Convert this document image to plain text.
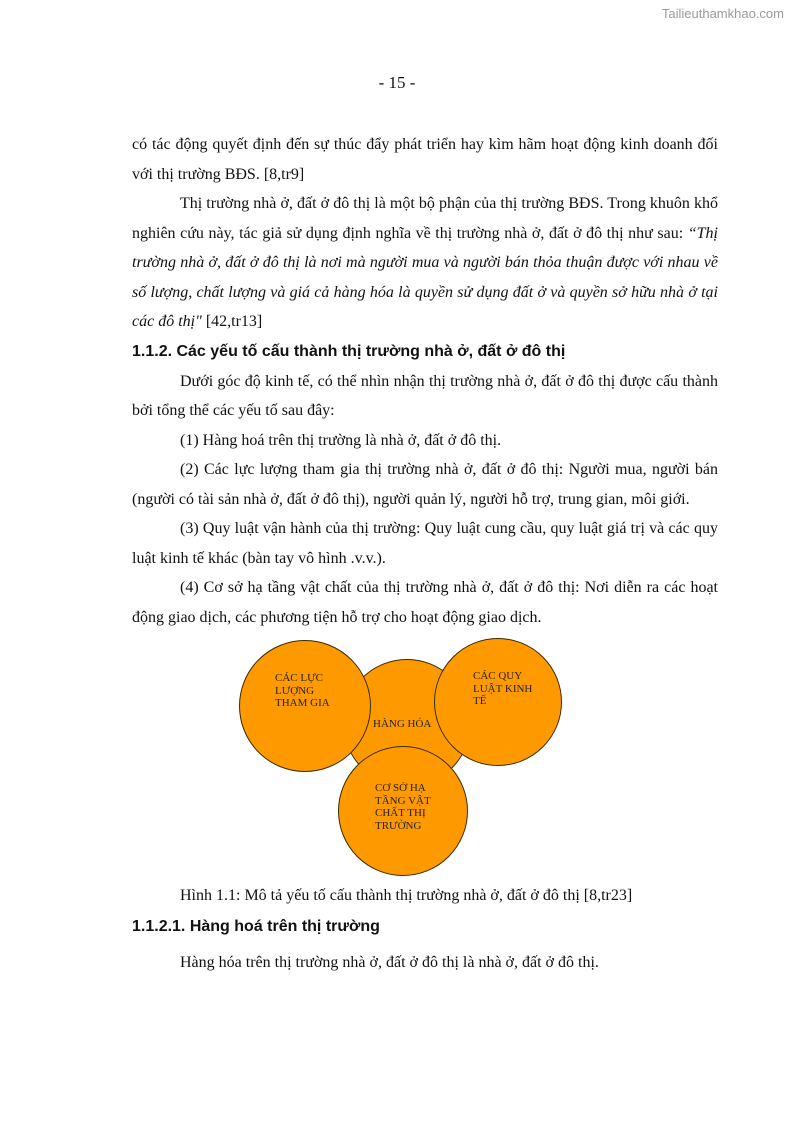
Tailieuthamkhao.com
- 15 -

có tác động quyết định đến sự thúc đẩy phát triển hay kìm hãm hoạt động kinh doanh đối với thị trường BĐS. [8,tr9]

Thị trường nhà ở, đất ở đô thị là một bộ phận của thị trường BĐS. Trong khuôn khổ nghiên cứu này, tác giả sử dụng định nghĩa về thị trường nhà ở, đất ở đô thị như sau: “Thị trường nhà ở, đất ở đô thị là nơi mà người mua và người bán thỏa thuận được với nhau về số lượng, chất lượng và giá cả hàng hóa là quyền sử dụng đất ở và quyền sở hữu nhà ở tại các đô thị" [42,tr13]

1.1.2. Các yếu tố cấu thành thị trường nhà ở, đất ở đô thị

Dưới góc độ kinh tế, có thể nhìn nhận thị trường nhà ở, đất ở đô thị được cấu thành bởi tổng thể các yếu tố sau đây:

(1) Hàng hoá trên thị trường là nhà ở, đất ở đô thị.

(2) Các lực lượng tham gia thị trường nhà ở, đất ở đô thị: Người mua, người bán (người có tài sản nhà ở, đất ở đô thị), người quản lý, người hỗ trợ, trung gian, môi giới.

(3) Quy luật vận hành của thị trường: Quy luật cung cầu, quy luật giá trị và các quy luật kinh tế khác (bàn tay vô hình .v.v.).

(4) Cơ sở hạ tầng vật chất của thị trường nhà ở, đất ở đô thị: Nơi diễn ra các hoạt động giao dịch, các phương tiện hỗ trợ cho hoạt động giao dịch.

CÁC LỰC LƯỢNG THAM GIA
HÀNG HÓA
CÁC QUY LUẬT KINH TẾ
CƠ SỞ HẠ TẦNG VẬT CHẤT THỊ TRƯỜNG

Hình 1.1: Mô tả yếu tố cấu thành thị trường nhà ở, đất ở đô thị [8,tr23]

1.1.2.1. Hàng hoá trên thị trường

Hàng hóa trên thị trường nhà ở, đất ở đô thị là nhà ở, đất ở đô thị.
